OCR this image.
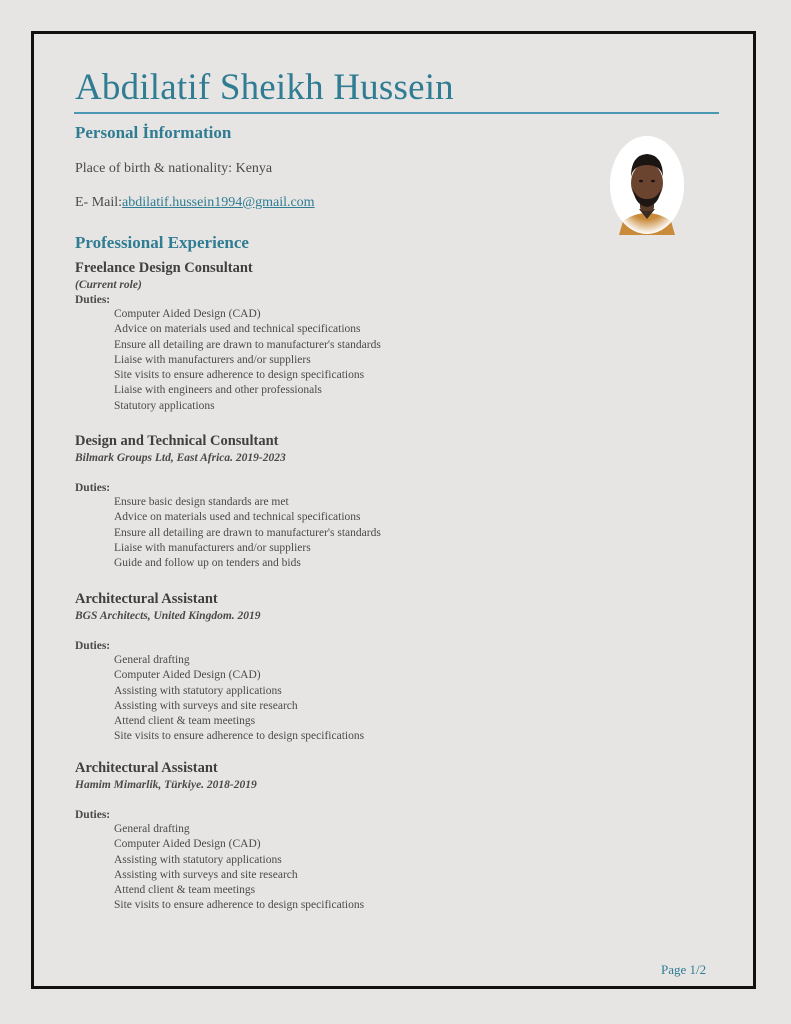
Abdilatif Sheikh Hussein
Personal İnformation
Place of birth & nationality: Kenya
E- Mail:abdilatif.hussein1994@gmail.com
Professional Experience
Freelance Design Consultant
(Current role)
Duties:
Computer Aided Design (CAD)
Advice on materials used and technical specifications
Ensure all detailing are drawn to manufacturer's standards
Liaise with manufacturers and/or suppliers
Site visits to ensure adherence to design specifications
Liaise with engineers and other professionals
Statutory applications
Design and Technical Consultant
Bilmark Groups Ltd, East Africa. 2019-2023
Duties:
Ensure basic design standards are met
Advice on materials used and technical specifications
Ensure all detailing are drawn to manufacturer's standards
Liaise with manufacturers and/or suppliers
Guide and follow up on tenders and bids
Architectural Assistant
BGS Architects, United Kingdom. 2019
Duties:
General drafting
Computer Aided Design (CAD)
Assisting with statutory applications
Assisting with surveys and site research
Attend client & team meetings
Site visits to ensure adherence to design specifications
Architectural Assistant
Hamim Mimarlik, Türkiye. 2018-2019
Duties:
General drafting
Computer Aided Design (CAD)
Assisting with statutory applications
Assisting with surveys and site research
Attend client & team meetings
Site visits to ensure adherence to design specifications
Page 1/2
